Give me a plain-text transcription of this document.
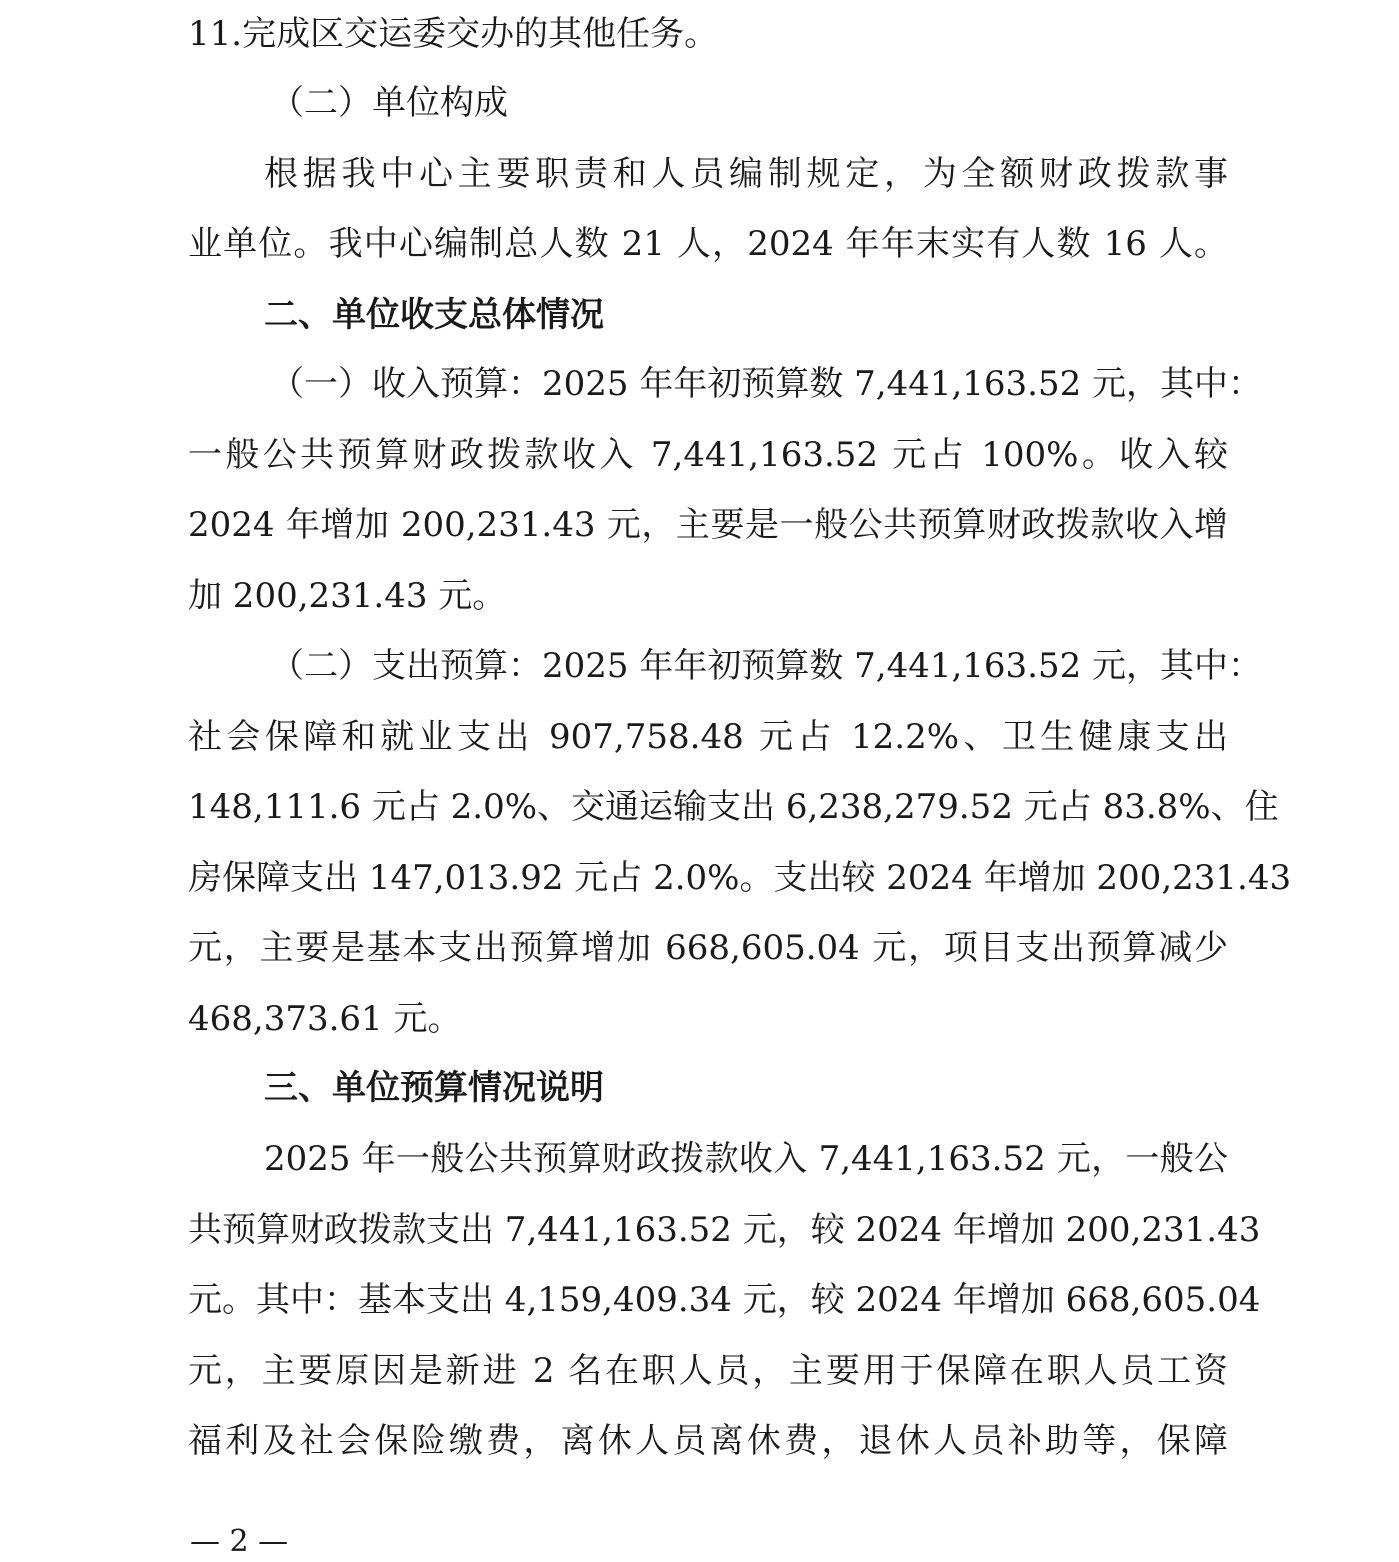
11.完成区交运委交办的其他任务。
（二）单位构成
根据我中心主要职责和人员编制规定，为全额财政拨款事
业单位。我中心编制总人数 21 人，2024 年年末实有人数 16 人。
二、单位收支总体情况
（一）收入预算：2025 年年初预算数 7,441,163.52 元，其中：
一般公共预算财政拨款收入 7,441,163.52 元占 100%。收入较
2024 年增加 200,231.43 元，主要是一般公共预算财政拨款收入增
加 200,231.43 元。
（二）支出预算：2025 年年初预算数 7,441,163.52 元，其中：
社会保障和就业支出 907,758.48 元占 12.2%、卫生健康支出
148,111.6 元占 2.0%、交通运输支出 6,238,279.52 元占 83.8%、住
房保障支出 147,013.92 元占 2.0%。支出较 2024 年增加 200,231.43
元，主要是基本支出预算增加 668,605.04 元，项目支出预算减少
468,373.61 元。
三、单位预算情况说明
2025 年一般公共预算财政拨款收入 7,441,163.52 元，一般公
共预算财政拨款支出 7,441,163.52 元，较 2024 年增加 200,231.43
元。其中：基本支出 4,159,409.34 元，较 2024 年增加 668,605.04
元，主要原因是新进 2 名在职人员，主要用于保障在职人员工资
福利及社会保险缴费，离休人员离休费，退休人员补助等，保障
— 2 —
